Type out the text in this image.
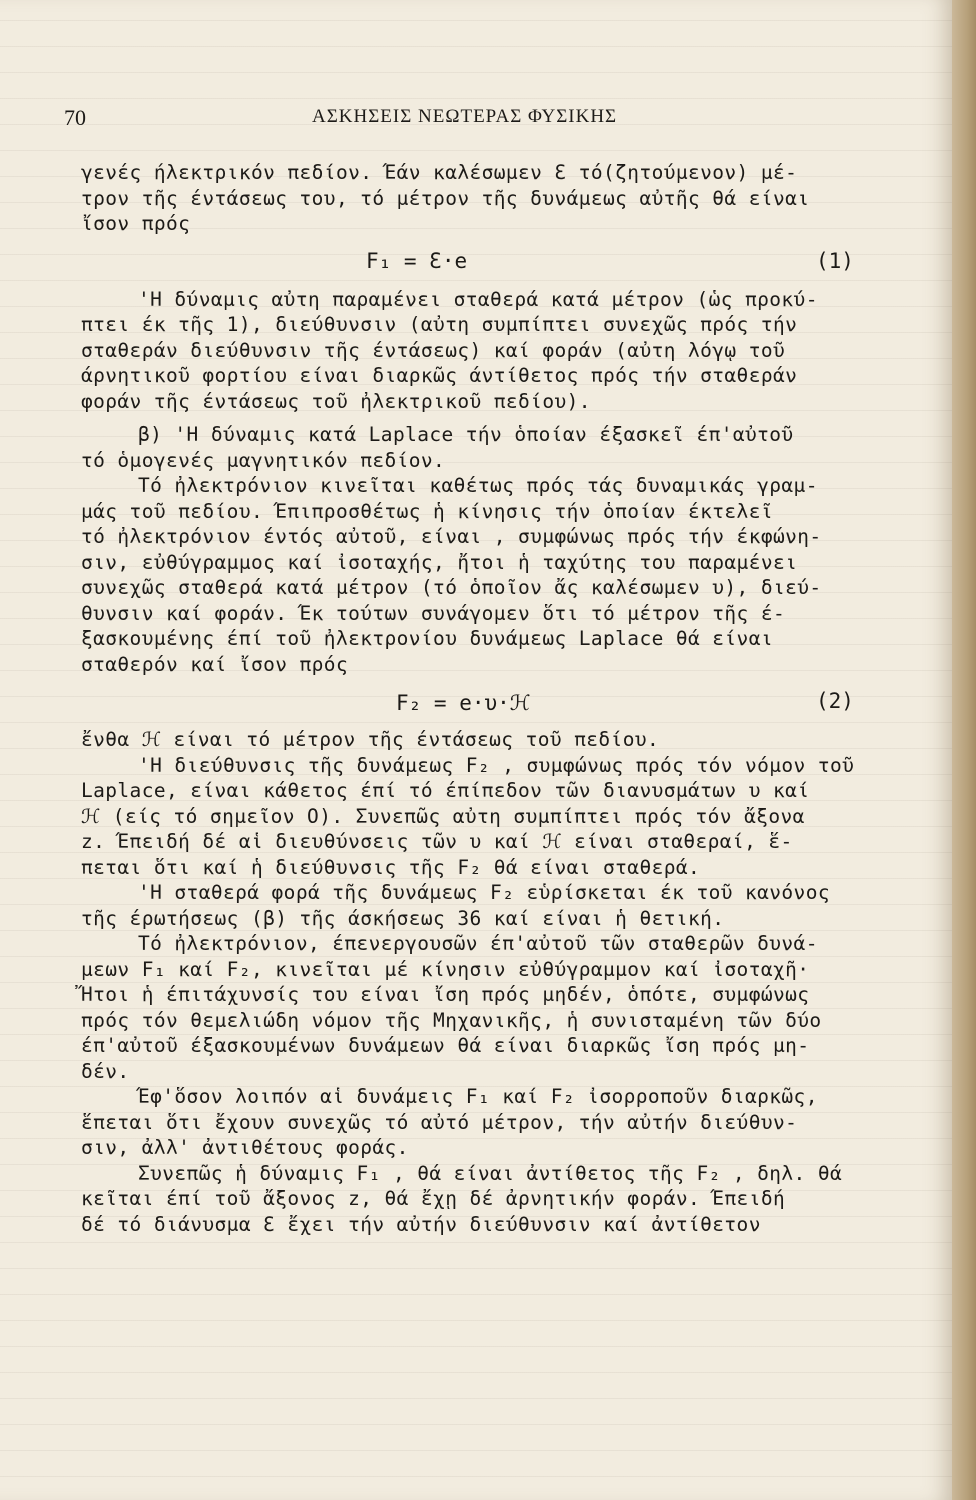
70	ΑΣΚΗΣΕΙΣ ΝΕΩΤΕΡΑΣ ΦΥΣΙΚΗΣ
γενές ήλεκτρικόν πεδίον. Έάν καλέσωμεν Ɛ τό(ζητούμενον) μέ-
τρον τῆς έντάσεως του, τό μέτρον τῆς δυνάμεως αὐτῆς θά είναι
ἴσον πρός
F₁ = Ɛ·e	(1)
'Η δύναμις αὐτη παραμένει σταθερά κατά μέτρον (ὡς προκύ-
πτει έκ τῆς 1), διεύθυνσιν (αὐτη συμπίπτει συνεχῶς πρός τήν
σταθεράν διεύθυνσιν τῆς έντάσεως) καί φοράν (αὐτη λόγῳ τοῦ
άρνητικοῦ φορτίου είναι διαρκῶς άντίθετος πρός τήν σταθεράν
φοράν τῆς έντάσεως τοῦ ἠλεκτρικοῦ πεδίου).
β) 'Η δύναμις κατά Laplace τήν ὁποίαν έξασκεῖ έπ'αὐτοῦ
τό ὁμογενές μαγνητικόν πεδίον.
Τό ἠλεκτρόνιον κινεῖται καθέτως πρός τάς δυναμικάς γραμ-
μάς τοῦ πεδίου. Έπιπροσθέτως ἡ κίνησις τήν ὁποίαν έκτελεῖ
τό ἠλεκτρόνιον έντός αὐτοῦ, είναι , συμφώνως πρός τήν έκφώνη-
σιν, εὐθύγραμμος καί ἰσοταχής, ἤτοι ἡ ταχύτης του παραμένει
συνεχῶς σταθερά κατά μέτρον (τό ὁποῖον ἄς καλέσωμεν υ), διεύ-
θυνσιν καί φοράν. Έκ τούτων συνάγομεν ὅτι τό μέτρον τῆς έ-
ξασκουμένης έπί τοῦ ἠλεκτρονίου δυνάμεως Laplace θά είναι
σταθερόν καί ἴσον πρός
F₂ = e·υ·ℋ	(2)
ἔνθα ℋ είναι τό μέτρον τῆς έντάσεως τοῦ πεδίου.
'Η διεύθυνσις τῆς δυνάμεως F₂ , συμφώνως πρός τόν νόμον τοῦ
Laplace, είναι κάθετος έπί τό έπίπεδον τῶν διανυσμάτων υ καί
ℋ (είς τό σημεῖον Ο). Συνεπῶς αὐτη συμπίπτει πρός τόν ἄξονα
z. Έπειδή δέ αἱ διευθύνσεις τῶν υ καί ℋ είναι σταθεραί, ἕ-
πεται ὅτι καί ἡ διεύθυνσις τῆς F₂ θά είναι σταθερά.
'Η σταθερά φορά τῆς δυνάμεως F₂ εὑρίσκεται έκ τοῦ κανόνος
τῆς έρωτήσεως (β) τῆς άσκήσεως 36 καί είναι ἡ θετική.
Τό ἠλεκτρόνιον, έπενεργουσῶν έπ'αὐτοῦ τῶν σταθερῶν δυνά-
μεων F₁ καί F₂, κινεῖται μέ κίνησιν εὐθύγραμμον καί ἰσοταχῆ·
Ἤτοι ἡ έπιτάχυνσίς του είναι ἴση πρός μηδέν, ὁπότε, συμφώνως
πρός τόν θεμελιώδη νόμον τῆς Μηχανικῆς, ἡ συνισταμένη τῶν δύο
έπ'αὐτοῦ έξασκουμένων δυνάμεων θά είναι διαρκῶς ἴση πρός μη-
δέν.
Έφ'ὅσον λοιπόν αἱ δυνάμεις F₁ καί F₂ ἰσορροποῦν διαρκῶς,
ἕπεται ὅτι ἔχουν συνεχῶς τό αὐτό μέτρον, τήν αὐτήν διεύθυν-
σιν, ἀλλ' ἀντιθέτους φοράς.
Συνεπῶς ἡ δύναμις F₁ , θά είναι ἀντίθετος τῆς F₂ , δηλ. θά
κεῖται έπί τοῦ ἄξονος z, θά ἔχῃ δέ ἀρνητικήν φοράν. Έπειδή
δέ τό διάνυσμα Ɛ ἔχει τήν αὐτήν διεύθυνσιν καί ἀντίθετον
